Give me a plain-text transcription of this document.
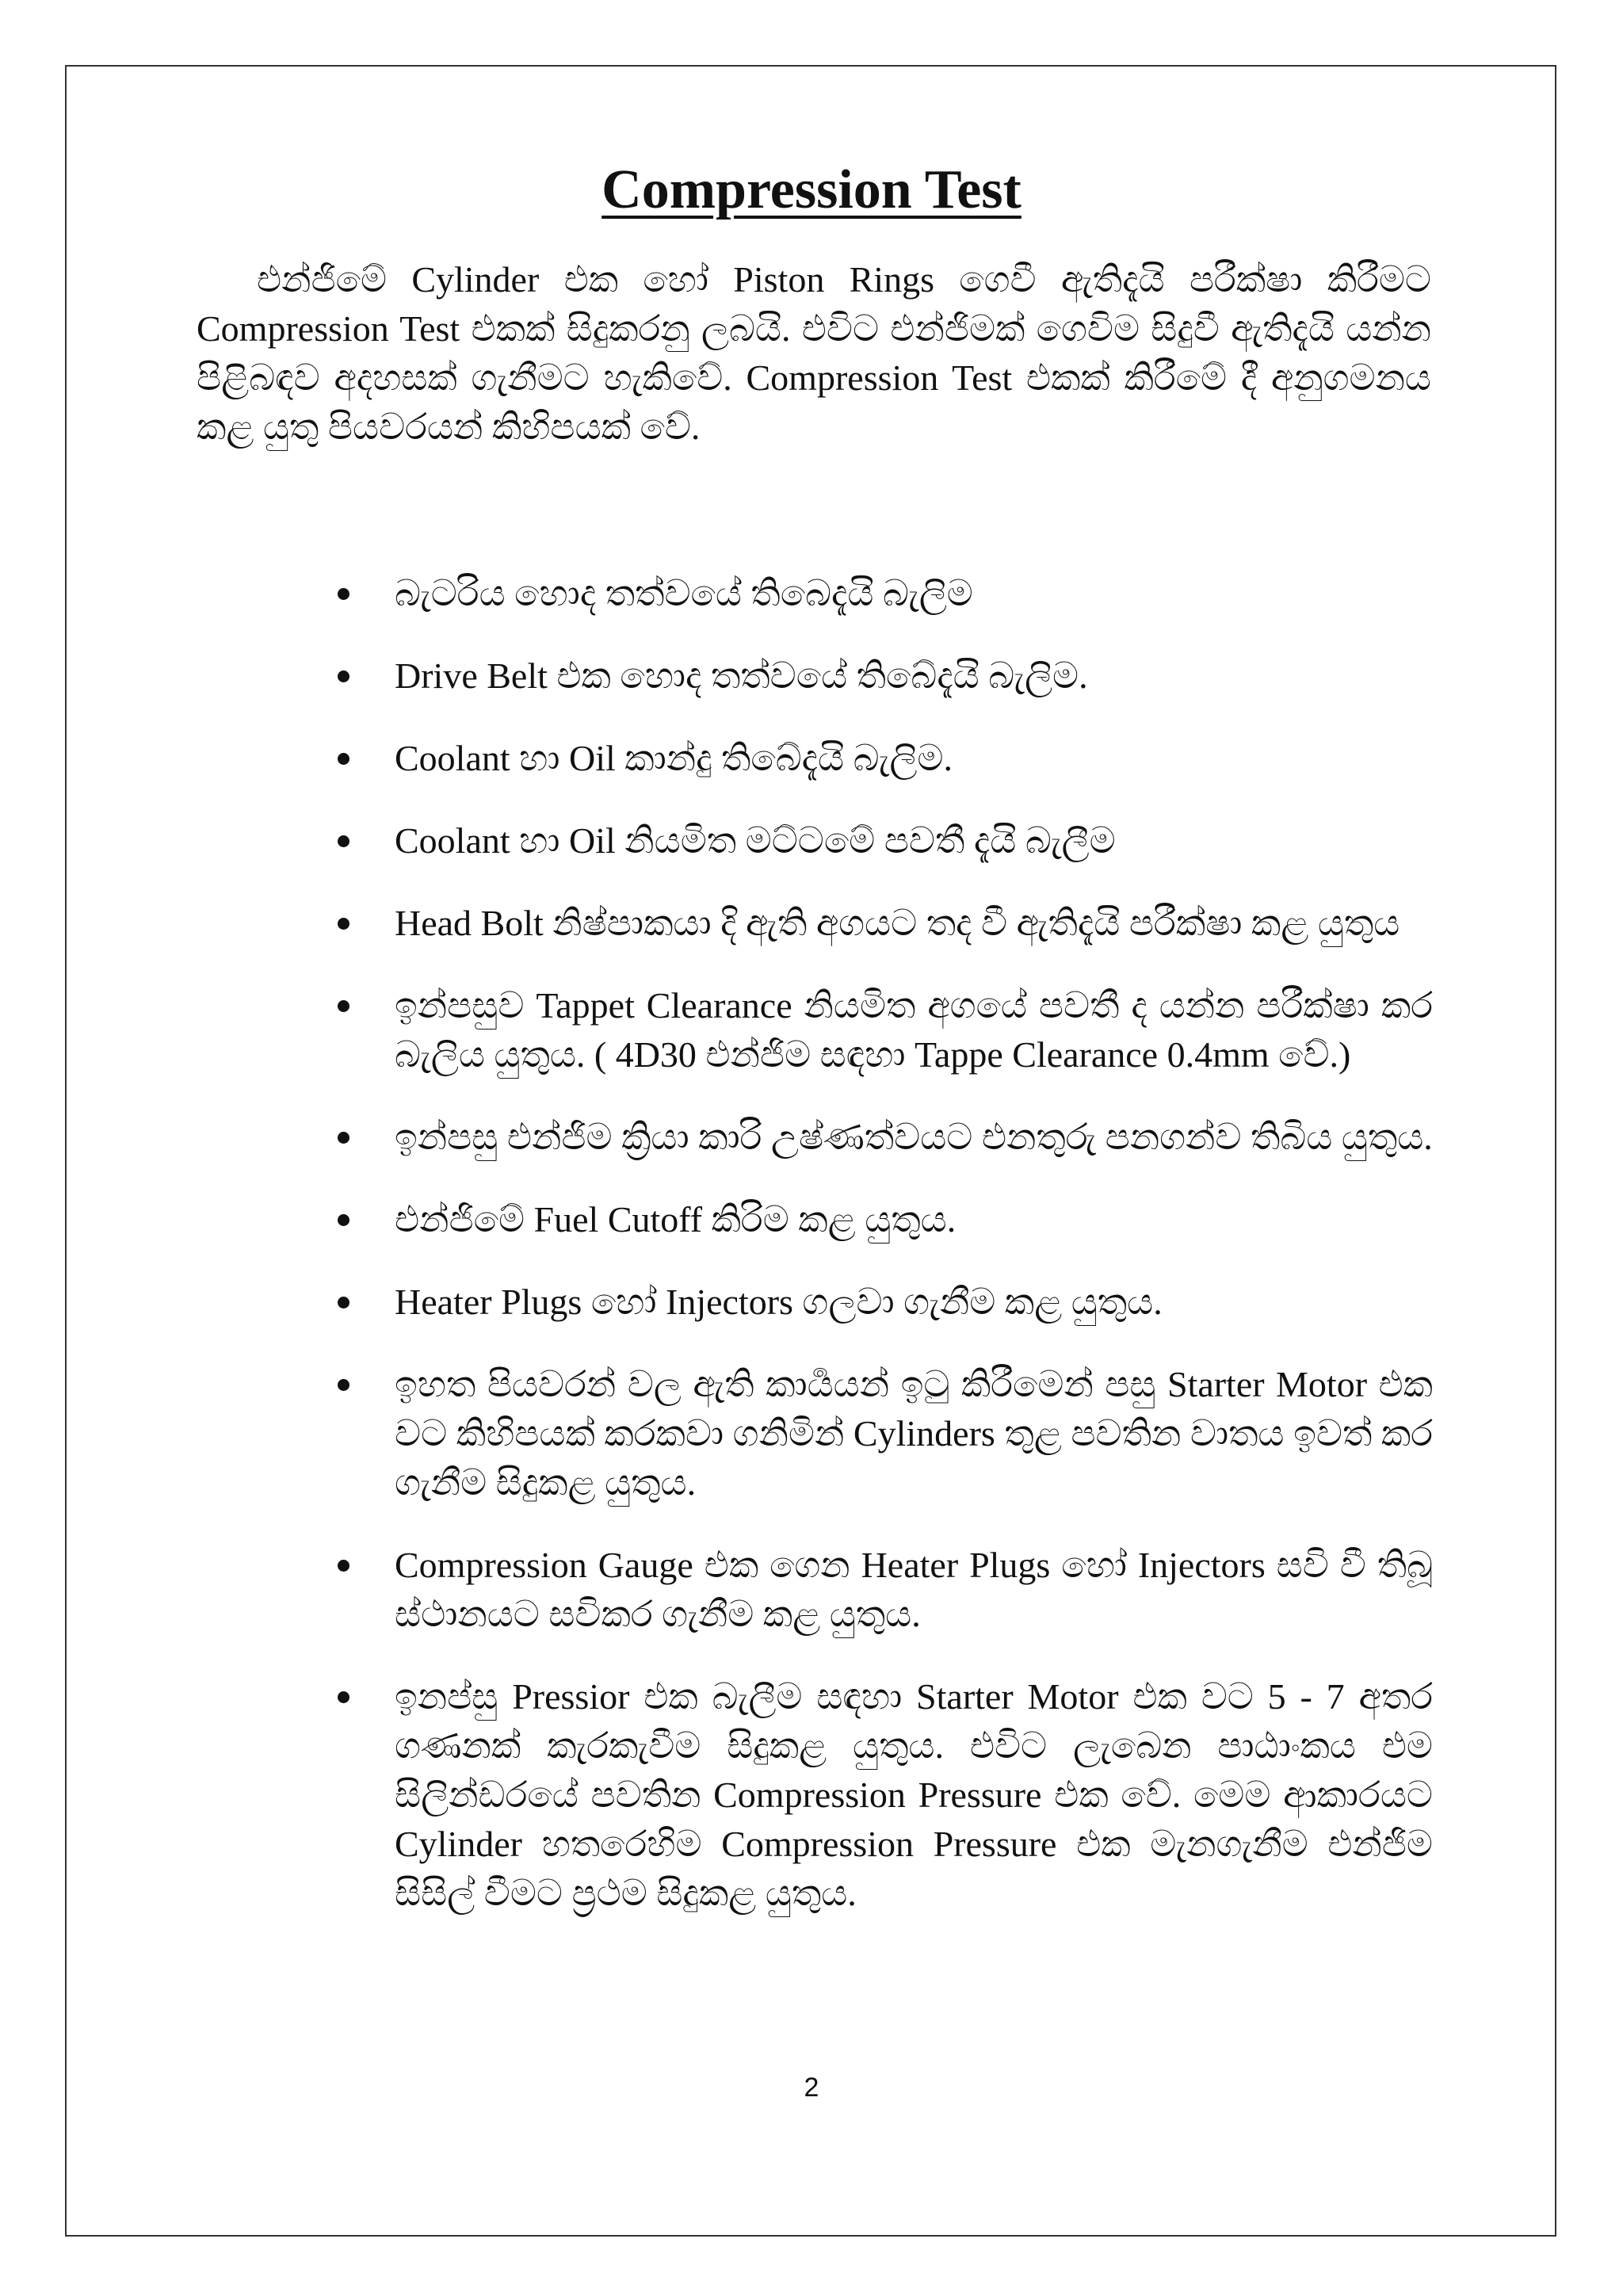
Compression Test

එන්ජිමේ Cylinder එක හෝ Piston Rings ගෙවී ඇතිදැයි පරීක්ෂා කිරීමට Compression Test එකක් සිදුකරනු ලබයි. එවිට එන්ජිමක් ගෙවිම සිදුවී ඇතිදැයි යන්න පිළිබඳව අදහසක් ගැනීමට හැකිවේ. Compression Test එකක් කිරීමේ දී අනුගමනය කළ යුතු පියවරයන් කිහිපයක් වේ.

බැටරිය හොද තත්වයේ තිබෙදැයි බැලිම
Drive Belt එක හොද තත්වයේ තිබේදැයි බැලිම.
Coolant හා Oil කාන්දු තිබේදැයි බැලිම.
Coolant හා Oil නියමිත මට්ටමේ පවතී දැයි බැලීම
Head Bolt නිෂ්පාකයා දි ඇති අගයට තද වී ඇතිදැයි පරීක්ෂා කළ යුතුය
ඉන්පසුව Tappet Clearance නියමිත අගයේ පවතී ද යන්න පරීක්ෂා කර බැලිය යුතුය. ( 4D30 එන්ජිම සඳහා Tappe Clearance 0.4mm වේ.)
ඉන්පසු එන්ජිම ක්‍රියා කාරි උෂ්ණත්වයට එනතුරු පනගන්ව තිබිය යුතුය.
එන්ජිමේ Fuel Cutoff කිරිම කළ යුතුය.
Heater Plugs හෝ Injectors ගලවා ගැනීම කළ යුතුය.
ඉහත පියවරන් වල ඇති කාර්‍යයන් ඉටු කිරීමෙන් පසු Starter Motor එක වට කිහිපයක් කරකවා ගනිමින් Cylinders තුළ පවතින වාතය ඉවත් කර ගැනීම සිදුකළ යුතුය.
Compression Gauge එක ගෙන Heater Plugs හෝ Injectors සවි වී තිබූ ස්ථානයට සවිකර ගැනීම කළ යුතුය.
ඉනප්සු Pressior එක බැලීම සඳහා Starter Motor එක වට 5 - 7 අතර ගණනක් කැරකැවීම සිදුකළ යුතුය. එවිට ලැබෙන පාඨාංකය එම සිලින්ඩරයේ පවතින Compression Pressure එක වේ. මෙම ආකාරයට Cylinder හතරෙහිම Compression Pressure එක මැනගැනීම එන්ජිම සිසිල් වීමට ප්‍රථම සිදුකළ යුතුය.

2
